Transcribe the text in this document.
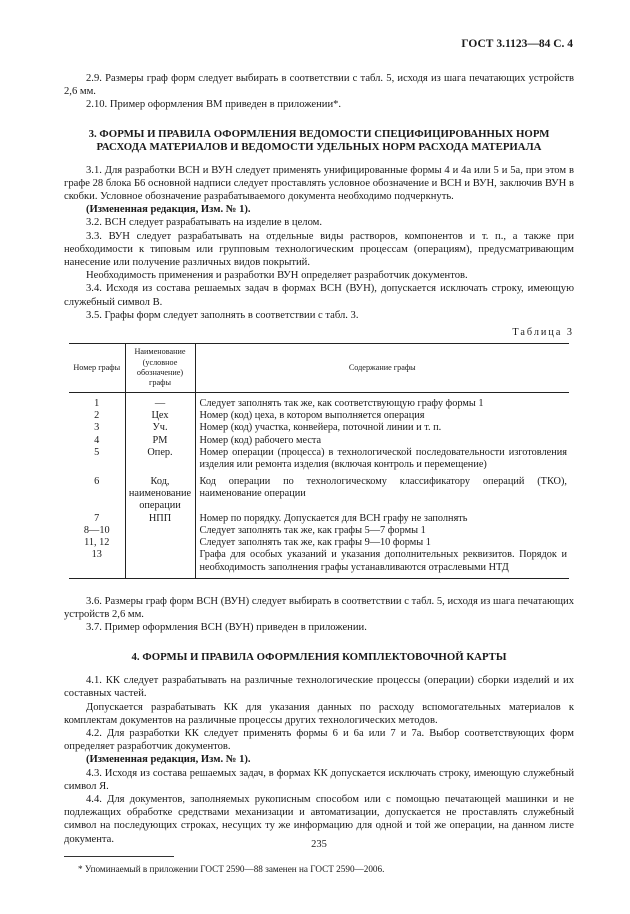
ГОСТ 3.1123—84 С. 4

2.9. Размеры граф форм следует выбирать в соответствии с табл. 5, исходя из шага печатающих устройств 2,6 мм.

2.10. Пример оформления ВМ приведен в приложении*.

3. ФОРМЫ И ПРАВИЛА ОФОРМЛЕНИЯ ВЕДОМОСТИ СПЕЦИФИЦИРОВАННЫХ НОРМ РАСХОДА МАТЕРИАЛОВ И ВЕДОМОСТИ УДЕЛЬНЫХ НОРМ РАСХОДА МАТЕРИАЛА

3.1. Для разработки ВСН и ВУН следует применять унифицированные формы 4 и 4а или 5 и 5а, при этом в графе 28 блока Б6 основной надписи следует проставлять условное обозначение и ВСН и ВУН, заключив ВУН в скобки. Условное обозначение разрабатываемого документа необходимо подчеркнуть.

(Измененная редакция, Изм. № 1).

3.2. ВСН следует разрабатывать на изделие в целом.

3.3. ВУН следует разрабатывать на отдельные виды растворов, компонентов и т. п., а также при необходимости к типовым или групповым технологическим процессам (операциям), предусматривающим нанесение или получение различных видов покрытий.

Необходимость применения и разработки ВУН определяет разработчик документов.

3.4. Исходя из состава решаемых задач в формах ВСН (ВУН), допускается исключать строку, имеющую служебный символ В.

3.5. Графы форм следует заполнять в соответствии с табл. 3.

Таблица 3

Номер графы	Наименование (условное обозначение) графы	Содержание графы
1	—	Следует заполнять так же, как соответствующую графу формы 1
2	Цех	Номер (код) цеха, в котором выполняется операция
3	Уч.	Номер (код) участка, конвейера, поточной линии и т. п.
4	РМ	Номер (код) рабочего места
5	Опер.	Номер операции (процесса) в технологической последовательности изготовления изделия или ремонта изделия (включая контроль и перемещение)
6	Код, наименование операции	Код операции по технологическому классификатору операций (ТКО), наименование операции
7	НПП	Номер по порядку. Допускается для ВСН графу не заполнять
8—10		Следует заполнять так же, как графы 5—7 формы 1
11, 12		Следует заполнять так же, как графы 9—10 формы 1
13		Графа для особых указаний и указания дополнительных реквизитов. Порядок и необходимость заполнения графы устанавливаются отраслевыми НТД

3.6. Размеры граф форм ВСН (ВУН) следует выбирать в соответствии с табл. 5, исходя из шага печатающих устройств 2,6 мм.

3.7. Пример оформления ВСН (ВУН) приведен в приложении.

4. ФОРМЫ И ПРАВИЛА ОФОРМЛЕНИЯ КОМПЛЕКТОВОЧНОЙ КАРТЫ

4.1. КК следует разрабатывать на различные технологические процессы (операции) сборки изделий и их составных частей.

Допускается разрабатывать КК для указания данных по расходу вспомогательных материалов к комплектам документов на различные процессы других технологических методов.

4.2. Для разработки КК следует применять формы 6 и 6а или 7 и 7а. Выбор соответствующих форм определяет разработчик документов.

(Измененная редакция, Изм. № 1).

4.3. Исходя из состава решаемых задач, в формах КК допускается исключать строку, имеющую служебный символ Я.

4.4. Для документов, заполняемых рукописным способом или с помощью печатающей машинки и не подлежащих обработке средствами механизации и автоматизации, допускается не проставлять служебный символ на последующих строках, несущих ту же информацию для одной и той же операции, на данном листе документа.

* Упоминаемый в приложении ГОСТ 2590—88 заменен на ГОСТ 2590—2006.

235
